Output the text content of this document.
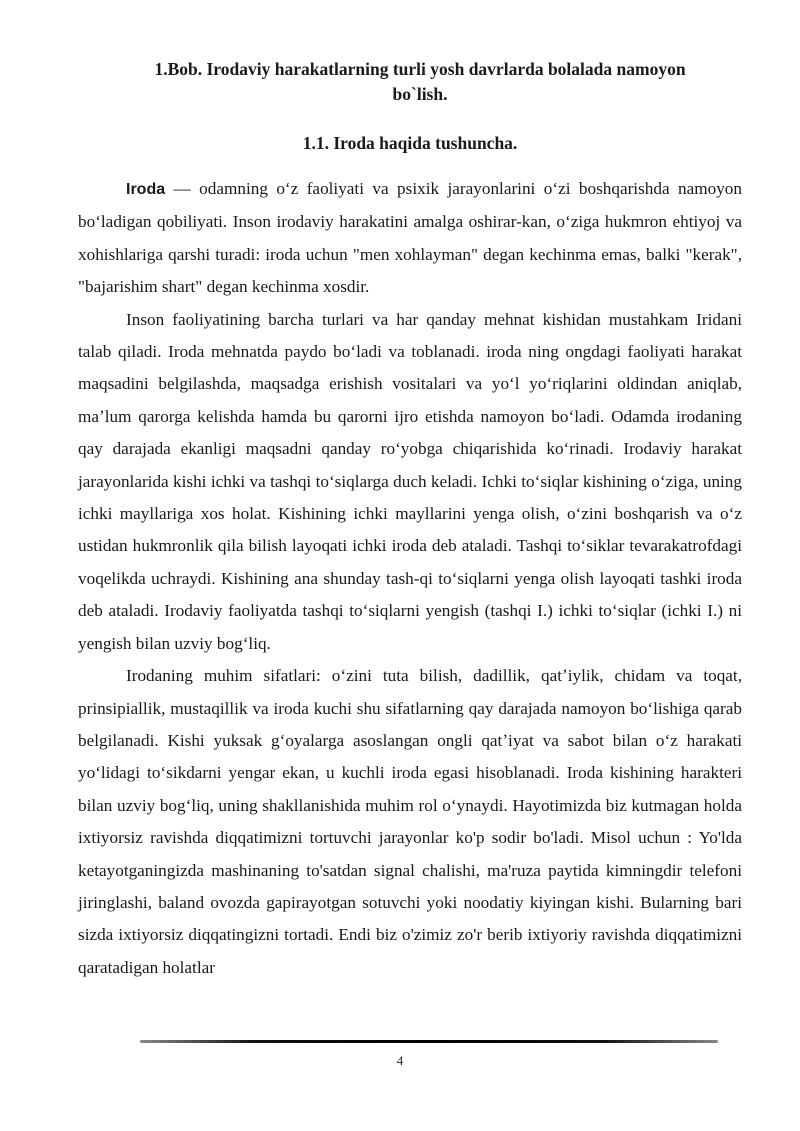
1.Bob. Irodaviy harakatlarning turli yosh davrlarda bolalada namoyon
bo`lish.
1.1. Iroda haqida tushuncha.

Iroda — odamning oʻz faoliyati va psixik jarayonlarini oʻzi boshqarishda namoyon boʻladigan qobiliyati. Inson irodaviy harakatini amalga oshirar-kan, oʻziga hukmron ehtiyoj va xohishlariga qarshi turadi: iroda uchun "men xohlayman" degan kechinma emas, balki "kerak", "bajarishim shart" degan kechinma xosdir.

Inson faoliyatining barcha turlari va har qanday mehnat kishidan mustahkam Iridani talab qiladi. Iroda mehnatda paydo boʻladi va toblanadi. iroda ning ongdagi faoliyati harakat maqsadini belgilashda, maqsadga erishish vositalari va yoʻl yoʻriqlarini oldindan aniqlab, maʼlum qarorga kelishda hamda bu qarorni ijro etishda namoyon boʻladi. Odamda irodaning qay darajada ekanligi maqsadni qanday roʻyobga chiqarishida koʻrinadi. Irodaviy harakat jarayonlarida kishi ichki va tashqi toʻsiqlarga duch keladi. Ichki toʻsiqlar kishining oʻziga, uning ichki mayllariga xos holat. Kishining ichki mayllarini yenga olish, oʻzini boshqarish va oʻz ustidan hukmronlik qila bilish layoqati ichki iroda deb ataladi. Tashqi toʻsiklar tevarakatrofdagi voqelikda uchraydi. Kishining ana shunday tash-qi toʻsiqlarni yenga olish layoqati tashki iroda deb ataladi. Irodaviy faoliyatda tashqi toʻsiqlarni yengish (tashqi I.) ichki toʻsiqlar (ichki I.) ni yengish bilan uzviy bogʻliq.

Irodaning muhim sifatlari: oʻzini tuta bilish, dadillik, qatʼiylik, chidam va toqat, prinsipiallik, mustaqillik va iroda kuchi shu sifatlarning qay darajada namoyon boʻlishiga qarab belgilanadi. Kishi yuksak gʻoyalarga asoslangan ongli qatʼiyat va sabot bilan oʻz harakati yoʻlidagi toʻsikdarni yengar ekan, u kuchli iroda egasi hisoblanadi. Iroda kishining harakteri bilan uzviy bogʻliq, uning shakllanishida muhim rol oʻynaydi. Hayotimizda biz kutmagan holda ixtiyorsiz ravishda diqqatimizni tortuvchi jarayonlar ko'p sodir bo'ladi. Misol uchun : Yo'lda ketayotganingizda mashinaning to'satdan signal chalishi, ma'ruza paytida kimningdir telefoni jiringlashi, baland ovozda gapirayotgan sotuvchi yoki noodatiy kiyingan kishi. Bularning bari sizda ixtiyorsiz diqqatingizni tortadi. Endi biz o'zimiz zo'r berib ixtiyoriy ravishda diqqatimizni qaratadigan holatlar

4
